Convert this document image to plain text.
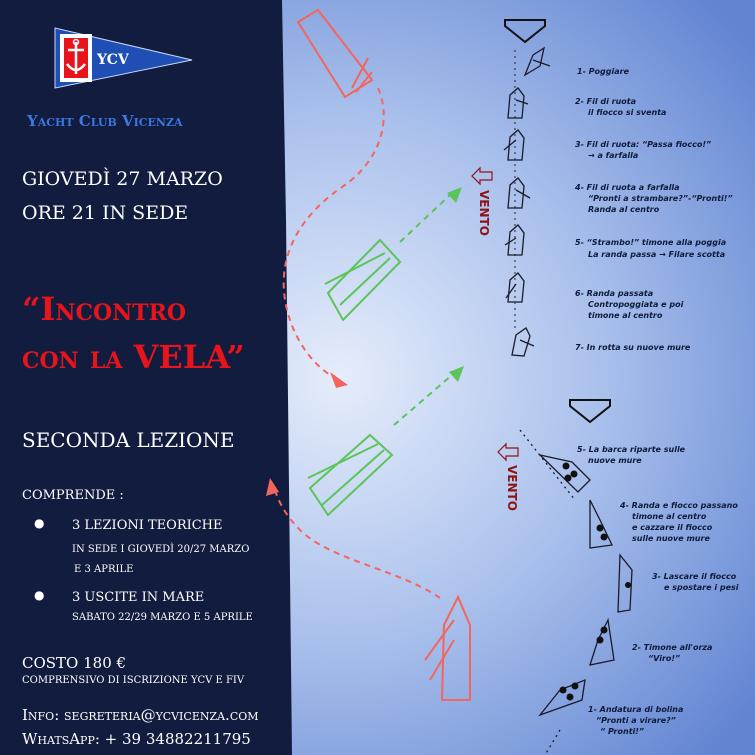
VENTO
VENTO
1- Poggiare
2- Fil di ruota
il fiocco si sventa
3- Fil di ruota: “Passa fiocco!”
→ a farfalla
4- Fil di ruota a farfalla
“Pronti a strambare?”-“Pronti!”
Randa al centro
5- “Strambo!” timone alla poggia
La randa passa → Filare scotta
6- Randa passata
Contropoggiata e poi
timone al centro
7- In rotta su nuove mure
5- La barca riparte sulle
nuove mure
4- Randa e fiocco passano
timone al centro
e cazzare il fiocco
sulle nuove mure
3- Lascare il fiocco
e spostare i pesi
2- Timone all'orza
“Viro!”
1- Andatura di bolina
“Pronti a virare?”
“ Pronti!”
YCV
Yacht Club Vicenza
GIOVEDÌ 27 MARZO
ORE 21 IN SEDE
“Incontro
con la VELA”
SECONDA LEZIONE
COMPRENDE :
● 3 LEZIONI TEORICHE
IN SEDE I GIOVEDÌ 20/27 MARZO
E 3 APRILE
● 3 USCITE IN MARE
SABATO 22/29 MARZO E 5 APRILE
COSTO 180 €
COMPRENSIVO DI ISCRIZIONE YCV E FIV
Info: segreteria@ycvicenza.com
WhatsApp: + 39 34882211795
